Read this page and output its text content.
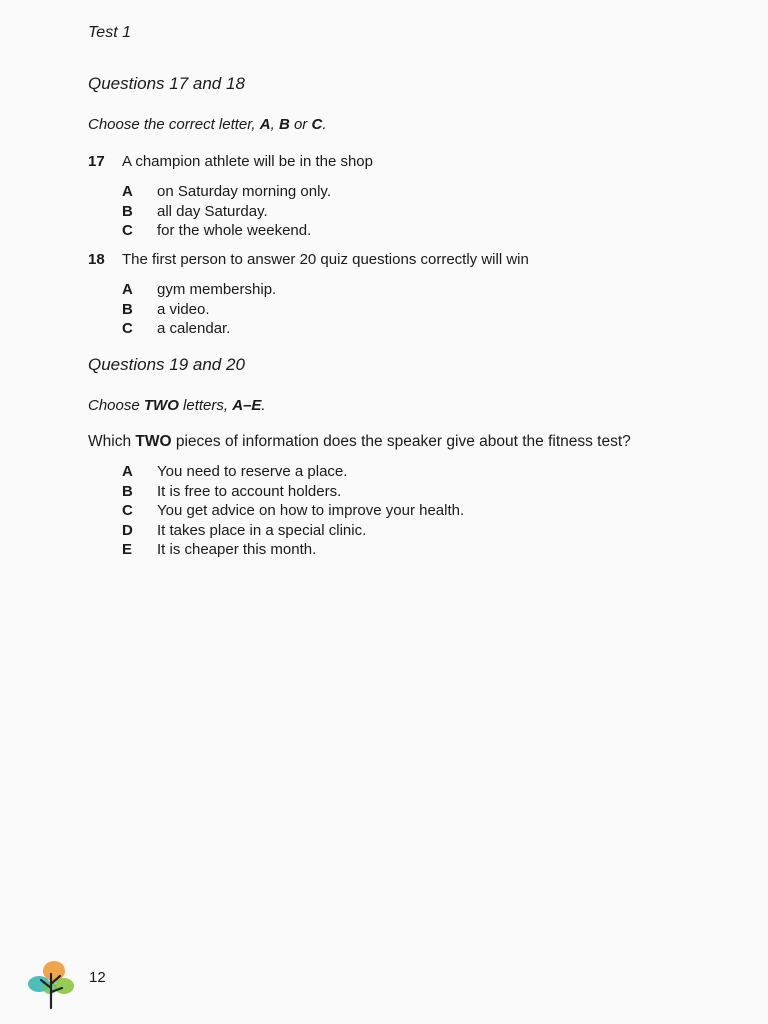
Test 1
Questions 17 and 18
Choose the correct letter, A, B or C.
17 A champion athlete will be in the shop
A on Saturday morning only.
B all day Saturday.
C for the whole weekend.
18 The first person to answer 20 quiz questions correctly will win
A gym membership.
B a video.
C a calendar.
Questions 19 and 20
Choose TWO letters, A–E.
Which TWO pieces of information does the speaker give about the fitness test?
A You need to reserve a place.
B It is free to account holders.
C You get advice on how to improve your health.
D It takes place in a special clinic.
E It is cheaper this month.
12
